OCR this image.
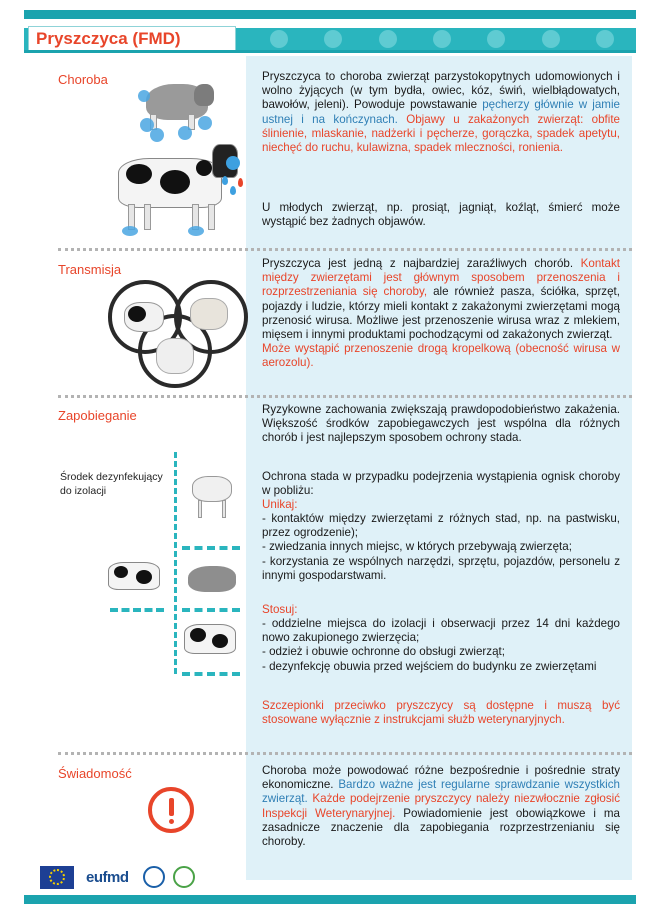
Pryszczyca (FMD)
Choroba	Pryszczyca to choroba zwierząt parzystokopytnych udomowionych i wolno żyjących (w tym bydła, owiec, kóz, świń, wielbłądowatych, bawołów, jeleni). Powoduje powstawanie pęcherzy głównie w jamie ustnej i na kończynach. Objawy u zakażonych zwierząt: obfite ślinienie, mlaskanie, nadżerki i pęcherze, gorączka, spadek apetytu, niechęć do ruchu, kulawizna, spadek mleczności, ronienia.

U młodych zwierząt, np. prosiąt, jagniąt, koźląt, śmierć może wystąpić bez żadnych objawów.
Transmisja	Pryszczyca jest jedną z najbardziej zaraźliwych chorób. Kontakt między zwierzętami jest głównym sposobem przenoszenia i rozprzestrzeniania się choroby, ale również pasza, ściółka, sprzęt, pojazdy i ludzie, którzy mieli kontakt z zakażonymi zwierzętami mogą przenosić wirusa. Możliwe jest przenoszenie wirusa wraz z mlekiem, mięsem i innymi produktami pochodzącymi od zakażonych zwierząt.

Może wystąpić przenoszenie drogą kropelkową (obecność wirusa w aerozolu).

Zapobieganie
Środek dezynfekujący do izolacji
Ryzykowne zachowania zwiększają prawdopodobieństwo zakażenia. Większość środków zapobiegawczych jest wspólna dla różnych chorób i jest najlepszym sposobem ochrony stada.
Ochrona stada w przypadku podejrzenia wystąpienia ognisk choroby w pobliżu:
Unikaj:

- kontaktów między zwierzętami z różnych stad, np. na pastwisku, przez ogrodzenie);

- zwiedzania innych miejsc, w których przebywają zwierzęta;

- korzystania ze wspólnych narzędzi, sprzętu, pojazdów, personelu z innymi gospodarstwami.

Stosuj:

- oddzielne miejsca do izolacji i obserwacji przez 14 dni każdego nowo zakupionego zwierzęcia;

- odzież i obuwie ochronne do obsługi zwierząt;

- dezynfekcję obuwia przed wejściem do budynku ze zwierzętami

Szczepionki przeciwko pryszczycy są dostępne i muszą być stosowane wyłącznie z instrukcjami służb weterynaryjnych.
Świadomość	Choroba może powodować różne bezpośrednie i pośrednie straty ekonomiczne. Bardzo ważne jest regularne sprawdzanie wszystkich zwierząt. Każde podejrzenie pryszczycy należy niezwłocznie zgłosić Inspekcji Weterynaryjnej. Powiadomienie jest obowiązkowe i ma zasadnicze znaczenie dla zapobiegania rozprzestrzenianiu się choroby.

eufmd
